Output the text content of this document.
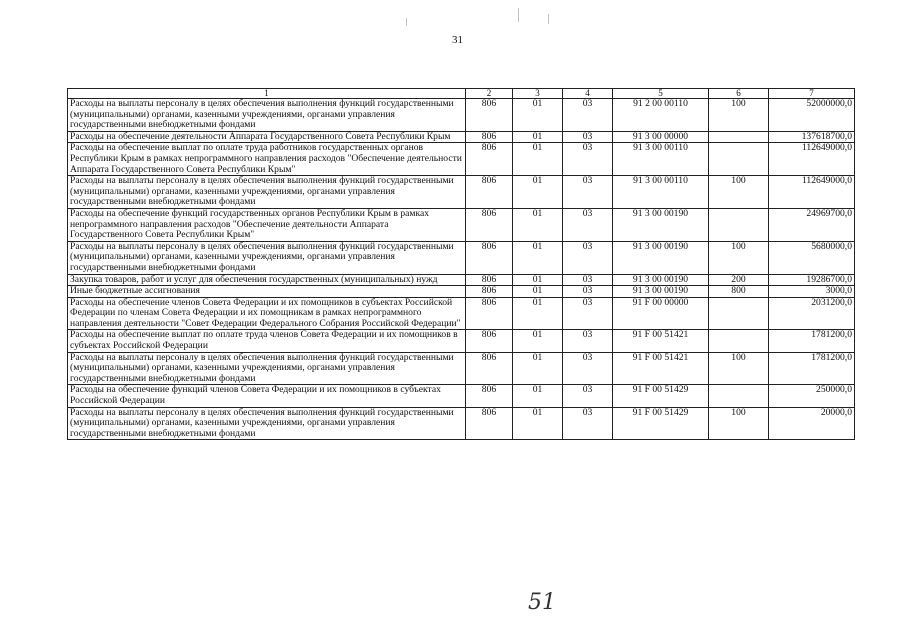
31
1	2	3	4	5	6	7
Расходы на выплаты персоналу в целях обеспечения выполнения функций государственными (муниципальными) органами, казенными учреждениями, органами управления государственными внебюджетными фондами	806	01	03	91 2 00 00110	100	52000000,0
Расходы на обеспечение деятельности Аппарата Государственного Совета Республики Крым	806	01	03	91 3 00 00000		137618700,0
Расходы на обеспечение выплат по оплате труда работников государственных органов Республики Крым в рамках непрограммного направления расходов "Обеспечение деятельности Аппарата Государственного Совета Республики Крым"	806	01	03	91 3 00 00110		112649000,0
Расходы на выплаты персоналу в целях обеспечения выполнения функций государственными (муниципальными) органами, казенными учреждениями, органами управления государственными внебюджетными фондами	806	01	03	91 3 00 00110	100	112649000,0
Расходы на обеспечение функций государственных органов Республики Крым в рамках непрограммного направления расходов "Обеспечение деятельности Аппарата Государственного Совета Республики Крым"	806	01	03	91 3 00 00190		24969700,0
Расходы на выплаты персоналу в целях обеспечения выполнения функций государственными (муниципальными) органами, казенными учреждениями, органами управления государственными внебюджетными фондами	806	01	03	91 3 00 00190	100	5680000,0
Закупка товаров, работ и услуг для обеспечения государственных (муниципальных) нужд	806	01	03	91 3 00 00190	200	19286700,0
Иные бюджетные ассигнования	806	01	03	91 3 00 00190	800	3000,0
Расходы на обеспечение членов Совета Федерации и их помощников в субъектах Российской Федерации по членам Совета Федерации и их помощникам в рамках непрограммного направления деятельности "Совет Федерации Федерального Собрания Российской Федерации"	806	01	03	91 F 00 00000		2031200,0
Расходы на обеспечение выплат по оплате труда членов Совета Федерации и их помощников в субъектах Российской Федерации	806	01	03	91 F 00 51421		1781200,0
Расходы на выплаты персоналу в целях обеспечения выполнения функций государственными (муниципальными) органами, казенными учреждениями, органами управления государственными внебюджетными фондами	806	01	03	91 F 00 51421	100	1781200,0
Расходы на обеспечение функций членов Совета Федерации и их помощников в субъектах Российской Федерации	806	01	03	91 F 00 51429		250000,0
Расходы на выплаты персоналу в целях обеспечения выполнения функций государственными (муниципальными) органами, казенными учреждениями, органами управления государственными внебюджетными фондами	806	01	03	91 F 00 51429	100	20000,0
51
